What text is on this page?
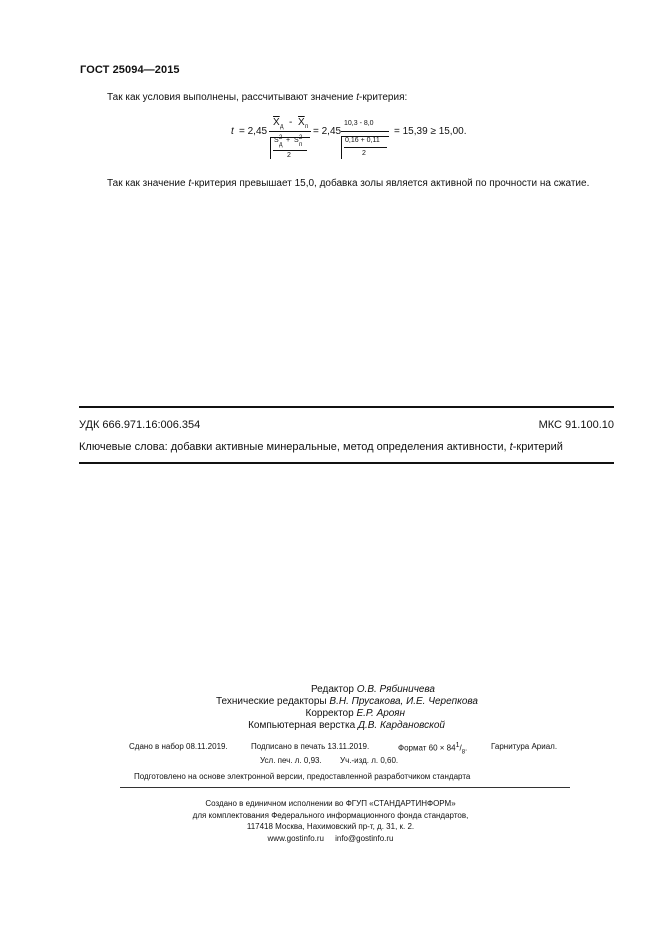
ГОСТ 25094—2015
Так как условия выполнены, рассчитывают значение t-критерия:
t = 2,45
$\overline{X}$ д - $\overline{X}$ п
S 2
д
+ S 2
п
2
= 2,45
10,3 - 8,0
0,16 + 0,11
2
= 15,39 ≥ 15,00.
Так как значение t-критерия превышает 15,0, добавка золы является активной по прочности на сжатие.
УДК 666.971.16:006.354	МКС 91.100.10
Ключевые слова: добавки активные минеральные, метод определения активности, t-критерий
Редактор О.В. Рябиничева
Технические редакторы В.Н. Прусакова, И.Е. Черепкова
Корректор Е.Р. Ароян
Компьютерная верстка Д.В. Кардановской
Сдано в набор 08.11.2019.	Подписано в печать 13.11.2019.	Формат $60 \times 84^1/_8$.	Гарнитура Ариал.
Усл. печ. л. 0,93. Уч.-изд. л. 0,60.
Подготовлено на основе электронной версии, предоставленной разработчиком стандарта
Создано в единичном исполнении во ФГУП «СТАНДАРТИНФОРМ»
для комплектования Федерального информационного фонда стандартов,
117418 Москва, Нахимовский пр-т, д. 31, к. 2.
www.gostinfo.ru     info@gostinfo.ru
